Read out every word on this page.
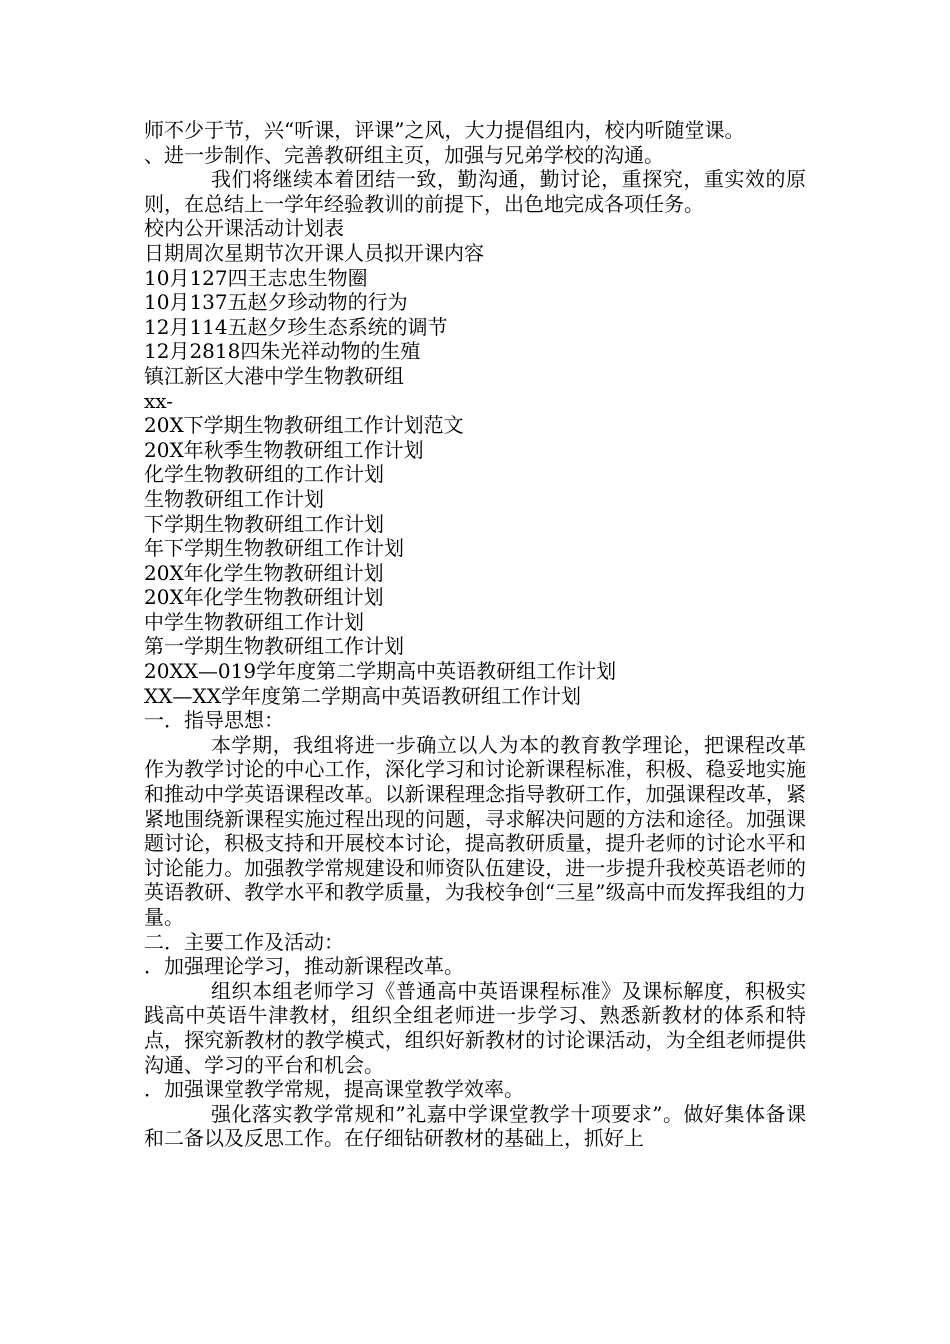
师不少于节，兴“听课，评课”之风，大力提倡组内，校内听随堂课。

、进一步制作、完善教研组主页，加强与兄弟学校的沟通。

我们将继续本着团结一致，勤沟通，勤讨论，重探究，重实效的原则，在总结上一学年经验教训的前提下，出色地完成各项任务。

校内公开课活动计划表

日期周次星期节次开课人员拟开课内容

10月127四王志忠生物圈

10月137五赵夕珍动物的行为

12月114五赵夕珍生态系统的调节

12月2818四朱光祥动物的生殖

镇江新区大港中学生物教研组

xx-

20X下学期生物教研组工作计划范文

20X年秋季生物教研组工作计划

化学生物教研组的工作计划

生物教研组工作计划

下学期生物教研组工作计划

年下学期生物教研组工作计划

20X年化学生物教研组计划

20X年化学生物教研组计划

中学生物教研组工作计划

第一学期生物教研组工作计划

20XX—019学年度第二学期高中英语教研组工作计划

XX—XX学年度第二学期高中英语教研组工作计划

一．指导思想：

本学期，我组将进一步确立以人为本的教育教学理论，把课程改革作为教学讨论的中心工作，深化学习和讨论新课程标准，积极、稳妥地实施和推动中学英语课程改革。以新课程理念指导教研工作，加强课程改革，紧紧地围绕新课程实施过程出现的问题，寻求解决问题的方法和途径。加强课题讨论，积极支持和开展校本讨论，提高教研质量，提升老师的讨论水平和讨论能力。加强教学常规建设和师资队伍建设，进一步提升我校英语老师的英语教研、教学水平和教学质量，为我校争创“三星”级高中而发挥我组的力量。

二．主要工作及活动：

．加强理论学习，推动新课程改革。

组织本组老师学习《普通高中英语课程标准》及课标解度，积极实践高中英语牛津教材，组织全组老师进一步学习、熟悉新教材的体系和特点，探究新教材的教学模式，组织好新教材的讨论课活动，为全组老师提供沟通、学习的平台和机会。

．加强课堂教学常规，提高课堂教学效率。

强化落实教学常规和”礼嘉中学课堂教学十项要求”。做好集体备课和二备以及反思工作。在仔细钻研教材的基础上，抓好上
